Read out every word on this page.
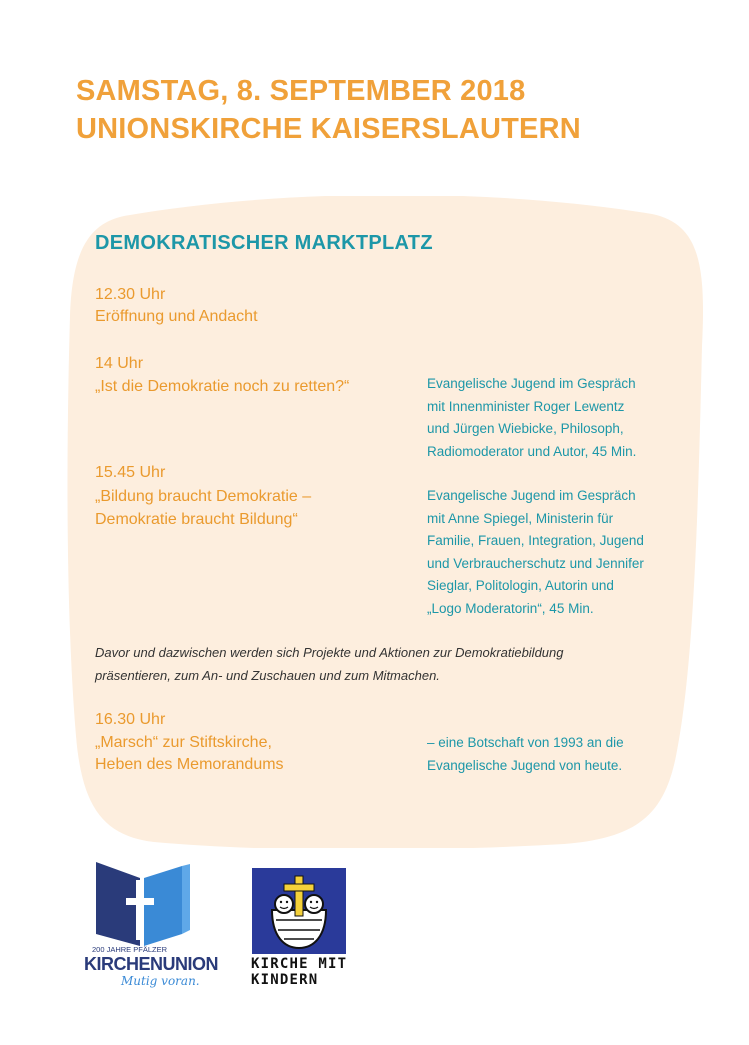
SAMSTAG, 8. SEPTEMBER 2018
UNIONSKIRCHE KAISERSLAUTERN
DEMOKRATISCHER MARKTPLATZ
12.30 Uhr
Eröffnung und Andacht
14 Uhr
„Ist die Demokratie noch zu retten?“	Evangelische Jugend im Gespräch
mit Innenminister Roger Lewentz
und Jürgen Wiebicke, Philosoph,
Radiomoderator und Autor, 45 Min.
15.45 Uhr
„Bildung braucht Demokratie –
Demokratie braucht Bildung“
Evangelische Jugend im Gespräch
mit Anne Spiegel, Ministerin für
Familie, Frauen, Integration, Jugend
und Verbraucherschutz und Jennifer
Sieglar, Politologin, Autorin und
„Logo Moderatorin“, 45 Min.
Davor und dazwischen werden sich Projekte und Aktionen zur Demokratiebildung
präsentieren, zum An- und Zuschauen und zum Mitmachen.
16.30 Uhr
„Marsch“ zur Stiftskirche,
Heben des Memorandums
– eine Botschaft von 1993 an die
Evangelische Jugend von heute.
200 JAHRE PFÄLZER
KIRCHENUNION
Mutig voran.
KIRCHE MIT
KINDERN
